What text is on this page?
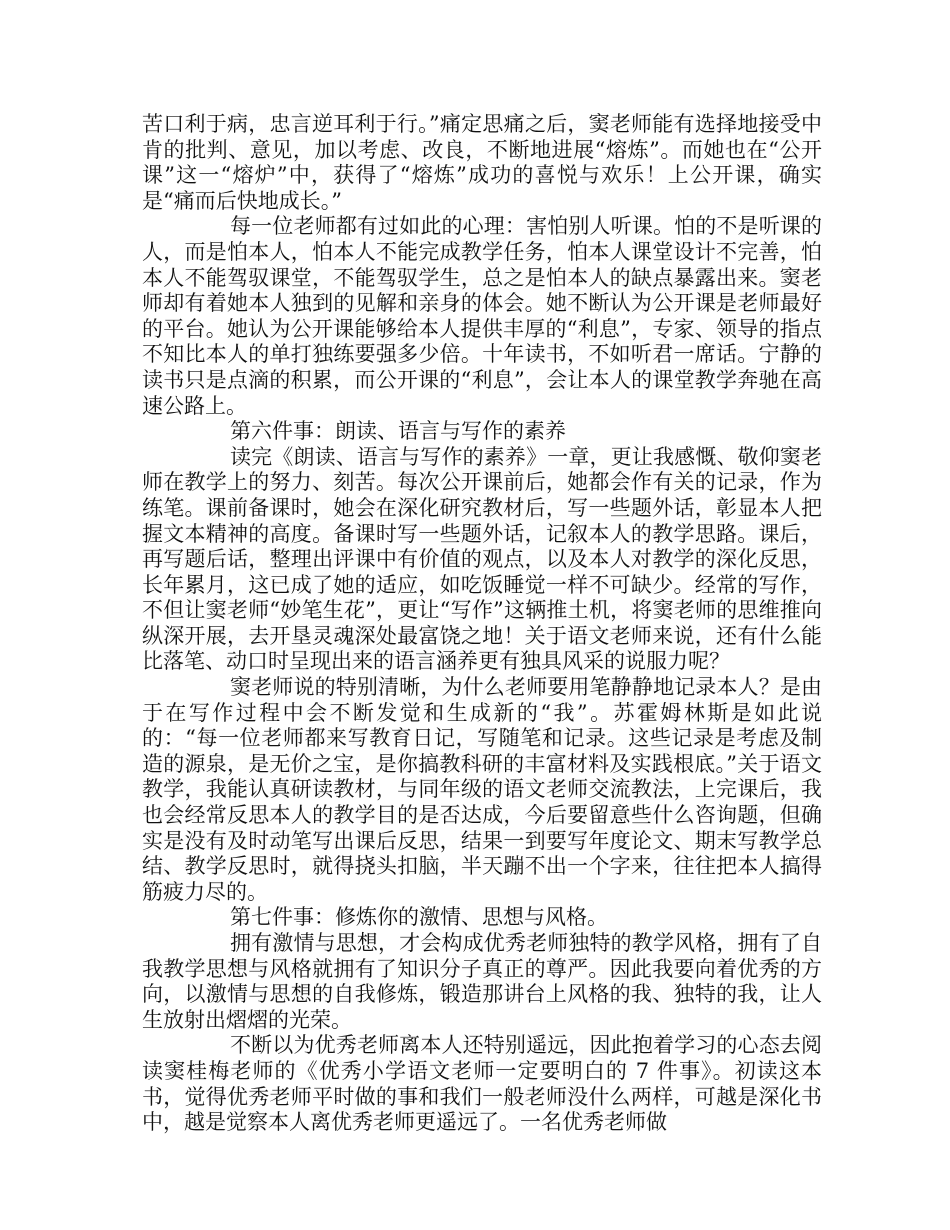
苦口利于病，忠言逆耳利于行。”痛定思痛之后，窦老师能有选择地接受中肯的批判、意见，加以考虑、改良，不断地进展“熔炼”。而她也在“公开课”这一“熔炉”中，获得了“熔炼”成功的喜悦与欢乐！上公开课，确实是“痛而后快地成长。”

每一位老师都有过如此的心理：害怕别人听课。怕的不是听课的人，而是怕本人，怕本人不能完成教学任务，怕本人课堂设计不完善，怕本人不能驾驭课堂，不能驾驭学生，总之是怕本人的缺点暴露出来。窦老师却有着她本人独到的见解和亲身的体会。她不断认为公开课是老师最好的平台。她认为公开课能够给本人提供丰厚的“利息”，专家、领导的指点不知比本人的单打独练要强多少倍。十年读书，不如听君一席话。宁静的读书只是点滴的积累，而公开课的“利息”，会让本人的课堂教学奔驰在高速公路上。

第六件事：朗读、语言与写作的素养

读完《朗读、语言与写作的素养》一章，更让我感慨、敬仰窦老师在教学上的努力、刻苦。每次公开课前后，她都会作有关的记录，作为练笔。课前备课时，她会在深化研究教材后，写一些题外话，彰显本人把握文本精神的高度。备课时写一些题外话，记叙本人的教学思路。课后，再写题后话，整理出评课中有价值的观点，以及本人对教学的深化反思，长年累月，这已成了她的适应，如吃饭睡觉一样不可缺少。经常的写作，不但让窦老师“妙笔生花”，更让“写作”这辆推土机，将窦老师的思维推向纵深开展，去开垦灵魂深处最富饶之地！关于语文老师来说，还有什么能比落笔、动口时呈现出来的语言涵养更有独具风采的说服力呢？

窦老师说的特别清晰，为什么老师要用笔静静地记录本人？是由于在写作过程中会不断发觉和生成新的“我”。苏霍姆林斯是如此说的：“每一位老师都来写教育日记，写随笔和记录。这些记录是考虑及制造的源泉，是无价之宝，是你搞教科研的丰富材料及实践根底。”关于语文教学，我能认真研读教材，与同年级的语文老师交流教法，上完课后，我也会经常反思本人的教学目的是否达成，今后要留意些什么咨询题，但确实是没有及时动笔写出课后反思，结果一到要写年度论文、期末写教学总结、教学反思时，就得挠头扣脑，半天蹦不出一个字来，往往把本人搞得筋疲力尽的。

第七件事：修炼你的激情、思想与风格。

拥有激情与思想，才会构成优秀老师独特的教学风格，拥有了自我教学思想与风格就拥有了知识分子真正的尊严。因此我要向着优秀的方向，以激情与思想的自我修炼，锻造那讲台上风格的我、独特的我，让人生放射出熠熠的光荣。

不断以为优秀老师离本人还特别遥远，因此抱着学习的心态去阅读窦桂梅老师的《优秀小学语文老师一定要明白的 7 件事》。初读这本书，觉得优秀老师平时做的事和我们一般老师没什么两样，可越是深化书中，越是觉察本人离优秀老师更遥远了。一名优秀老师做
